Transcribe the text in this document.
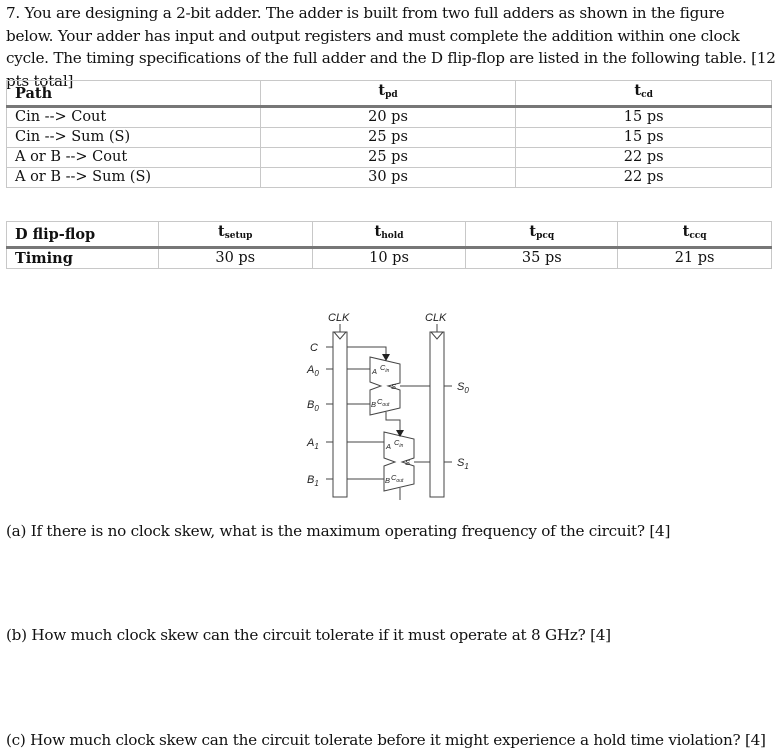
7. You are designing a 2-bit adder. The adder is built from two full adders as shown in the figure below. Your adder has input and output registers and must complete the addition within one clock cycle. The timing specifications of the full adder and the D flip-flop are listed in the following table. [12 pts total]
Path	$t_{pd}$	$t_{cd}$
Cin --> Cout	20 ps	15 ps
Cin --> Sum (S)	25 ps	15 ps
A or B --> Cout	25 ps	22 ps
A or B --> Sum (S)	30 ps	22 ps
D flip-flop	$t_{setup}$	$t_{hold}$	$t_{pcq}$	$t_{ccq}$
Timing	30 ps	10 ps	35 ps	21 ps
CLK	CLK
C
$A_0$
$B_0$
$A_1$
$B_1$
$S_0$
$S_1$
A $C_{in}$
S
B $C_{out}$
A $C_{in}$
S
B $C_{out}$
(a) If there is no clock skew, what is the maximum operating frequency of the circuit? [4]
(b) How much clock skew can the circuit tolerate if it must operate at 8 GHz? [4]
(c) How much clock skew can the circuit tolerate before it might experience a hold time violation? [4]
